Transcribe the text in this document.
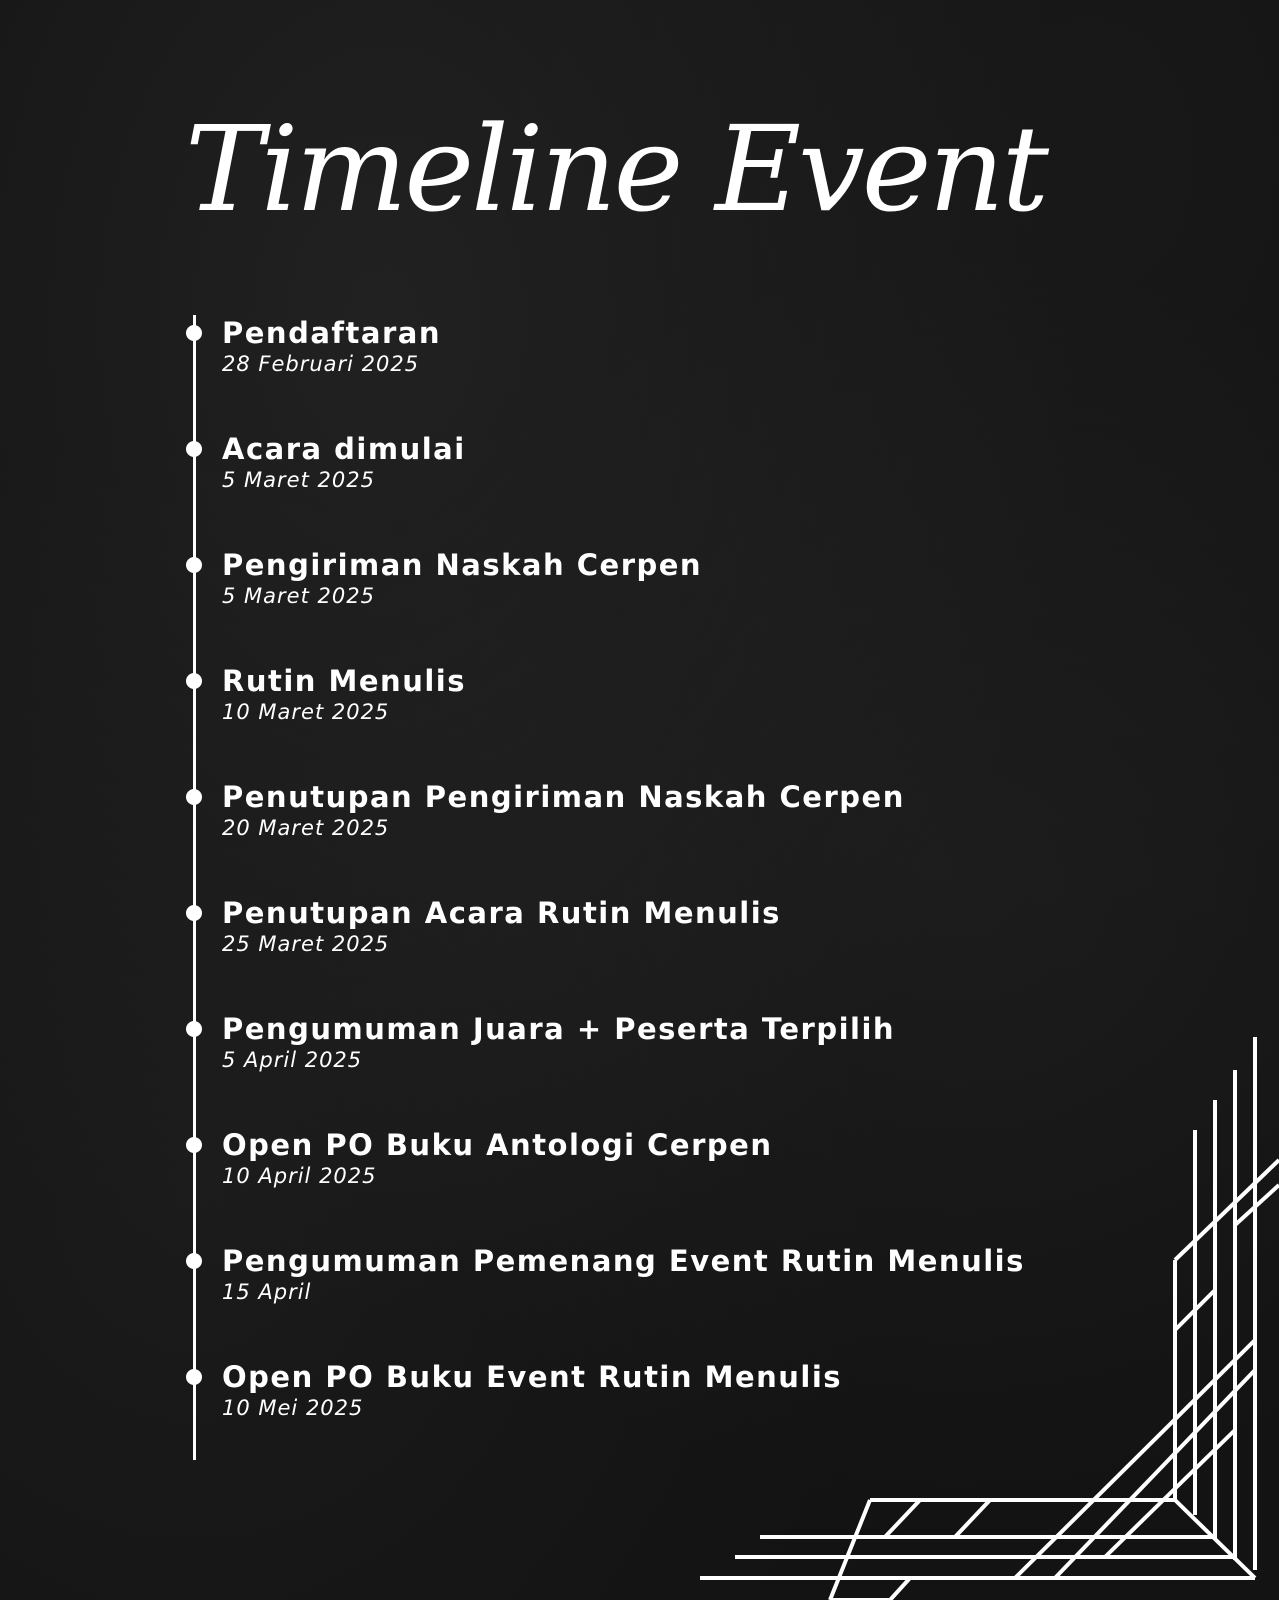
Timeline Event
Pendaftaran
28 Februari 2025
Acara dimulai
5 Maret 2025
Pengiriman Naskah Cerpen
5 Maret 2025
Rutin Menulis
10 Maret 2025
Penutupan Pengiriman Naskah Cerpen
20 Maret 2025
Penutupan Acara Rutin Menulis
25 Maret 2025
Pengumuman Juara + Peserta Terpilih
5 April 2025
Open PO Buku Antologi Cerpen
10 April 2025
Pengumuman Pemenang Event Rutin Menulis
15 April
Open PO Buku Event Rutin Menulis
10 Mei 2025
